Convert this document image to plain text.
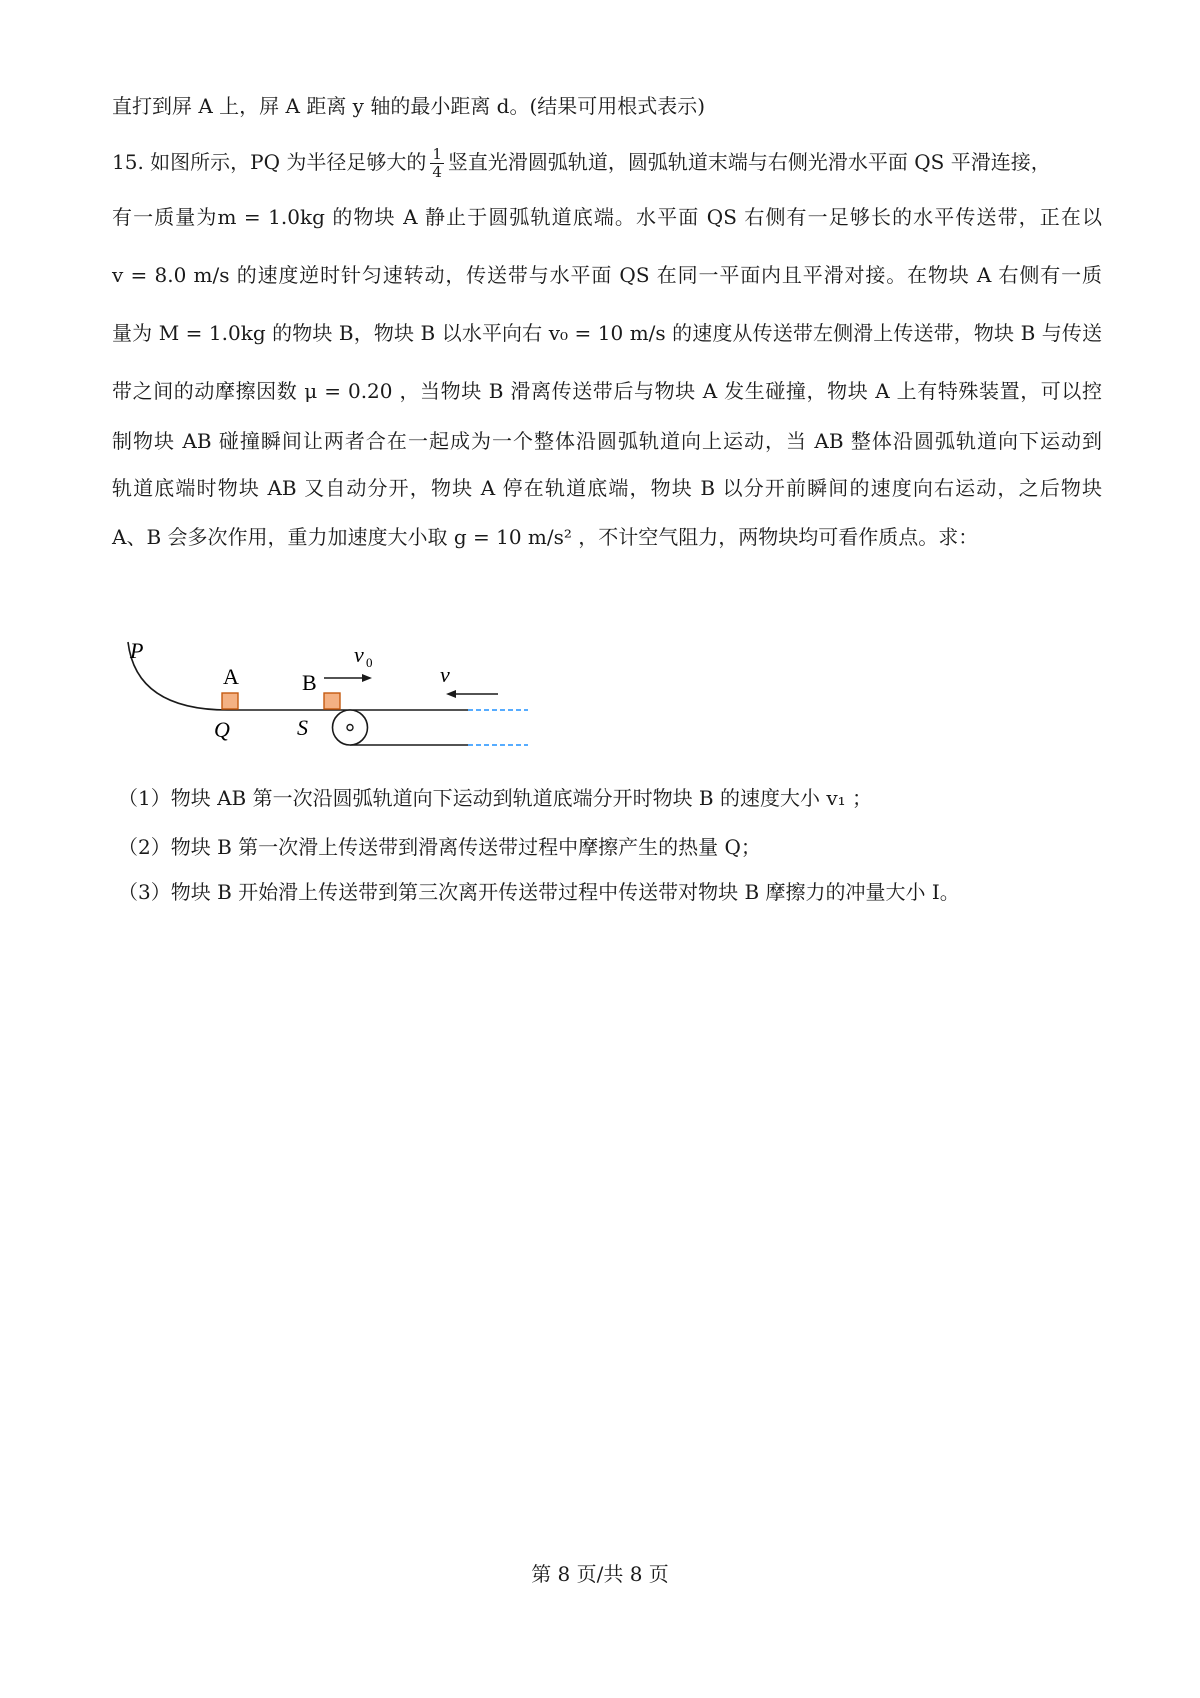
直打到屏 A 上，屏 A 距离 y 轴的最小距离 d。(结果可用根式表示)
15. 如图所示，PQ 为半径足够大的 $\frac{1}{4}$ 竖直光滑圆弧轨道，圆弧轨道末端与右侧光滑水平面 QS 平滑连接，
有一质量为m = 1.0kg 的物块 A 静止于圆弧轨道底端。水平面 QS 右侧有一足够长的水平传送带，正在以
v = 8.0 m/s 的速度逆时针匀速转动，传送带与水平面 QS 在同一平面内且平滑对接。在物块 A 右侧有一质
量为 M = 1.0kg 的物块 B，物块 B 以水平向右 v₀ = 10 m/s 的速度从传送带左侧滑上传送带，物块 B 与传送
带之间的动摩擦因数 μ = 0.20 ，当物块 B 滑离传送带后与物块 A 发生碰撞，物块 A 上有特殊装置，可以控
制物块 AB 碰撞瞬间让两者合在一起成为一个整体沿圆弧轨道向上运动，当 AB 整体沿圆弧轨道向下运动到
轨道底端时物块 AB 又自动分开，物块 A 停在轨道底端，物块 B 以分开前瞬间的速度向右运动，之后物块
A、B 会多次作用，重力加速度大小取 g = 10 m/s² ，不计空气阻力，两物块均可看作质点。求：
P
A	B
Q	S
v 0	v
（1）物块 AB 第一次沿圆弧轨道向下运动到轨道底端分开时物块 B 的速度大小 v₁ ；
（2）物块 B 第一次滑上传送带到滑离传送带过程中摩擦产生的热量 Q；
（3）物块 B 开始滑上传送带到第三次离开传送带过程中传送带对物块 B 摩擦力的冲量大小 I。
第 8 页/共 8 页
